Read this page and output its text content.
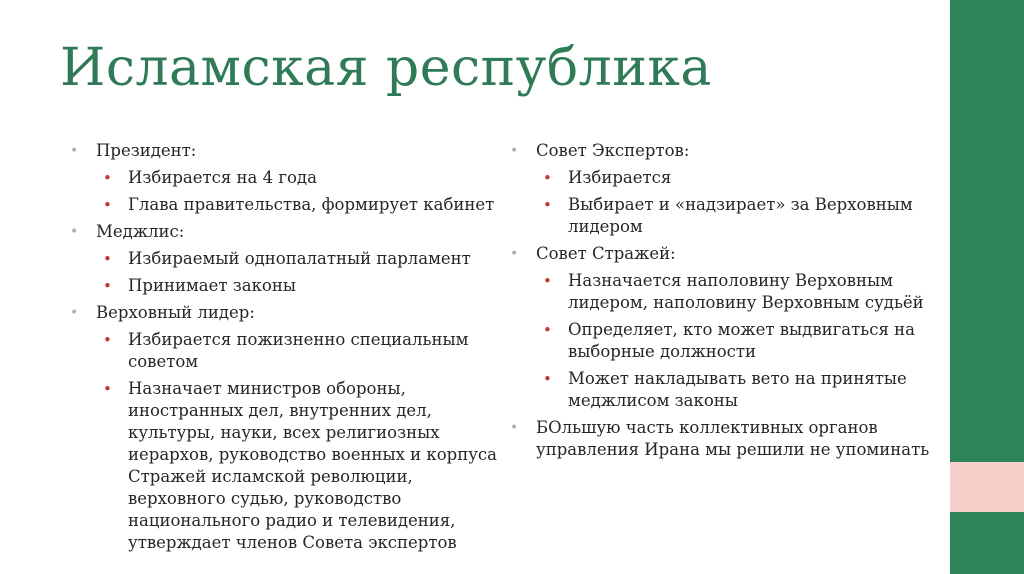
Исламская республика
• Президент:
• Избирается на 4 года
• Глава правительства, формирует кабинет
• Меджлис:
• Избираемый однопалатный парламент
• Принимает законы
• Верховный лидер:
• Избирается пожизненно специальным советом
• Назначает министров обороны, иностранных дел, внутренних дел, культуры, науки, всех религиозных иерархов, руководство военных и корпуса Стражей исламской революции, верховного судью, руководство национального радио и телевидения, утверждает членов Совета экспертов
• Совет Экспертов:
• Избирается
• Выбирает и «надзирает» за Верховным лидером
• Совет Стражей:
• Назначается наполовину Верховным лидером, наполовину Верховным судьёй
• Определяет, кто может выдвигаться на выборные должности
• Может накладывать вето на принятые меджлисом законы
• БОльшую часть коллективных органов управления Ирана мы решили не упоминать
